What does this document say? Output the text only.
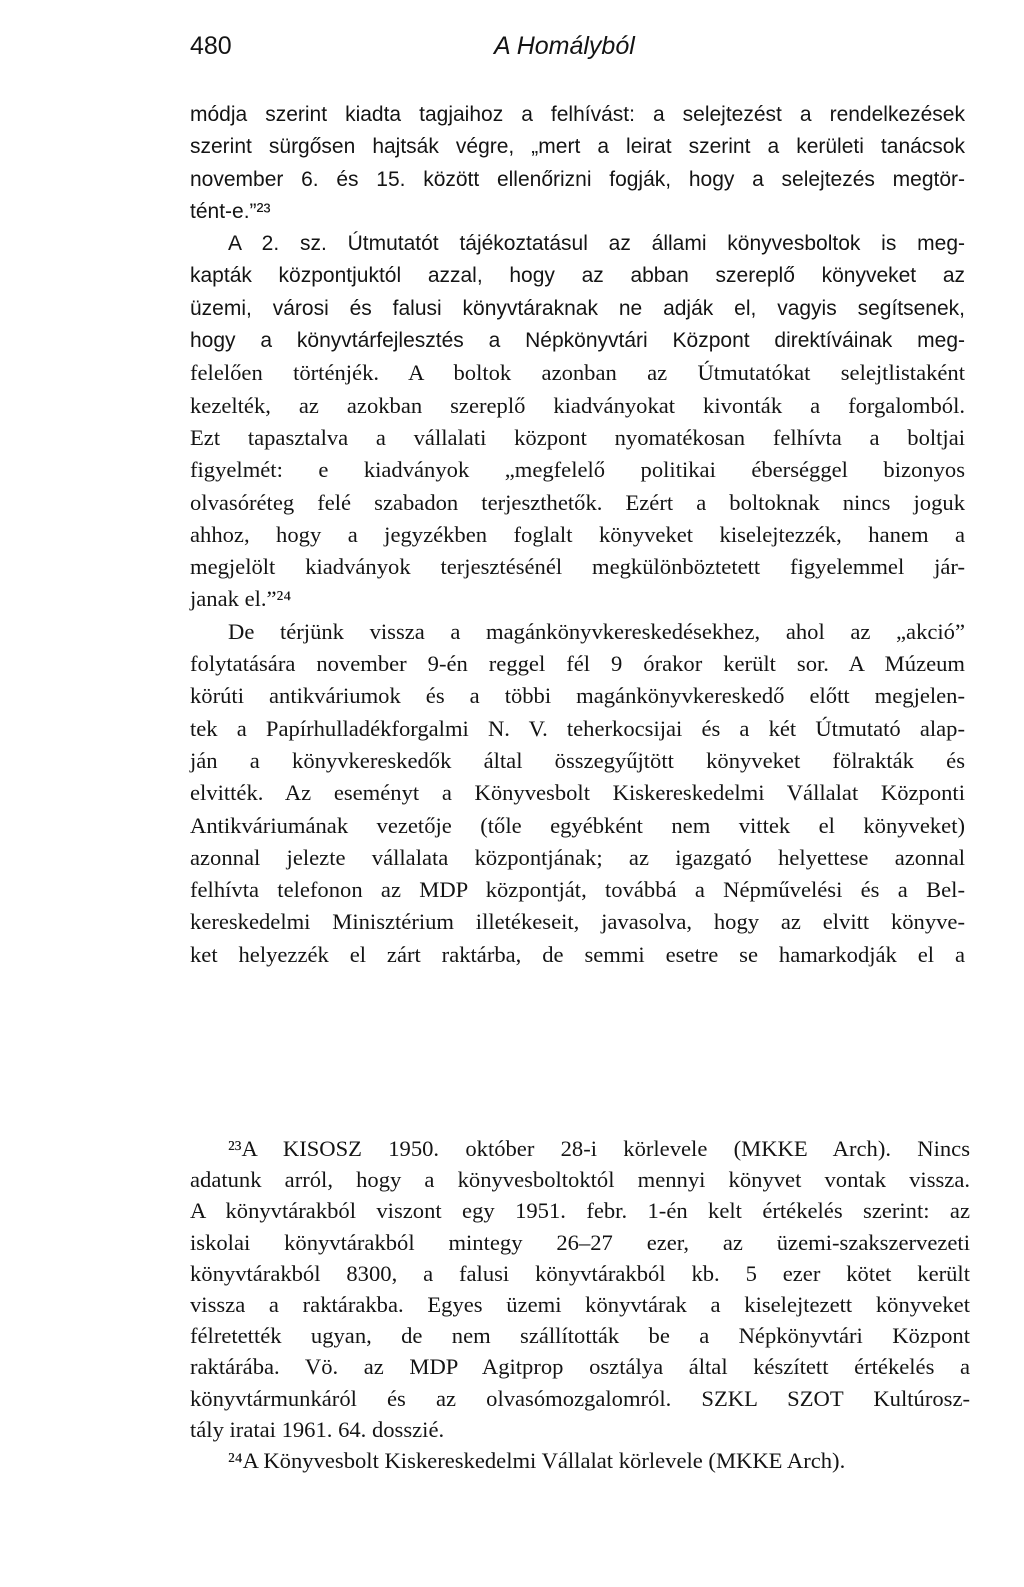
480	A Homályból
módja szerint kiadta tagjaihoz a felhívást: a selejtezést a rendelkezések
szerint sürgősen hajtsák végre, „mert a leirat szerint a kerületi tanácsok
november 6. és 15. között ellenőrizni fogják, hogy a selejtezés megtör-
tént-e.”²³
A 2. sz. Útmutatót tájékoztatásul az állami könyvesboltok is meg-
kapták központjuktól azzal, hogy az abban szereplő könyveket az
üzemi, városi és falusi könyvtáraknak ne adják el, vagyis segítsenek,
hogy a könyvtárfejlesztés a Népkönyvtári Központ direktíváinak meg-
felelően történjék. A boltok azonban az Útmutatókat selejtlistaként
kezelték, az azokban szereplő kiadványokat kivonták a forgalomból.
Ezt tapasztalva a vállalati központ nyomatékosan felhívta a boltjai
figyelmét: e kiadványok „megfelelő politikai éberséggel bizonyos
olvasóréteg felé szabadon terjeszthetők. Ezért a boltoknak nincs joguk
ahhoz, hogy a jegyzékben foglalt könyveket kiselejtezzék, hanem a
megjelölt kiadványok terjesztésénél megkülönböztetett figyelemmel jár-
janak el.”²⁴
De térjünk vissza a magánkönyvkereskedésekhez, ahol az „akció”
folytatására november 9-én reggel fél 9 órakor került sor. A Múzeum
körúti antikváriumok és a többi magánkönyvkereskedő előtt megjelen-
tek a Papírhulladékforgalmi N. V. teherkocsijai és a két Útmutató alap-
ján a könyvkereskedők által összegyűjtött könyveket fölrakták és
elvitték. Az eseményt a Könyvesbolt Kiskereskedelmi Vállalat Központi
Antikváriumának vezetője (tőle egyébként nem vittek el könyveket)
azonnal jelezte vállalata központjának; az igazgató helyettese azonnal
felhívta telefonon az MDP központját, továbbá a Népművelési és a Bel-
kereskedelmi Minisztérium illetékeseit, javasolva, hogy az elvitt könyve-
ket helyezzék el zárt raktárba, de semmi esetre se hamarkodják el a
²³A KISOSZ 1950. október 28-i körlevele (MKKE Arch). Nincs
adatunk arról, hogy a könyvesboltoktól mennyi könyvet vontak vissza.
A könyvtárakból viszont egy 1951. febr. 1-én kelt értékelés szerint: az
iskolai könyvtárakból mintegy 26–27 ezer, az üzemi-szakszervezeti
könyvtárakból 8300, a falusi könyvtárakból kb. 5 ezer kötet került
vissza a raktárakba. Egyes üzemi könyvtárak a kiselejtezett könyveket
félretették ugyan, de nem szállították be a Népkönyvtári Központ
raktárába. Vö. az MDP Agitprop osztálya által készített értékelés a
könyvtármunkáról és az olvasómozgalomról. SZKL SZOT Kultúrosz-
tály iratai 1961. 64. dosszié.
²⁴A Könyvesbolt Kiskereskedelmi Vállalat körlevele (MKKE Arch).
